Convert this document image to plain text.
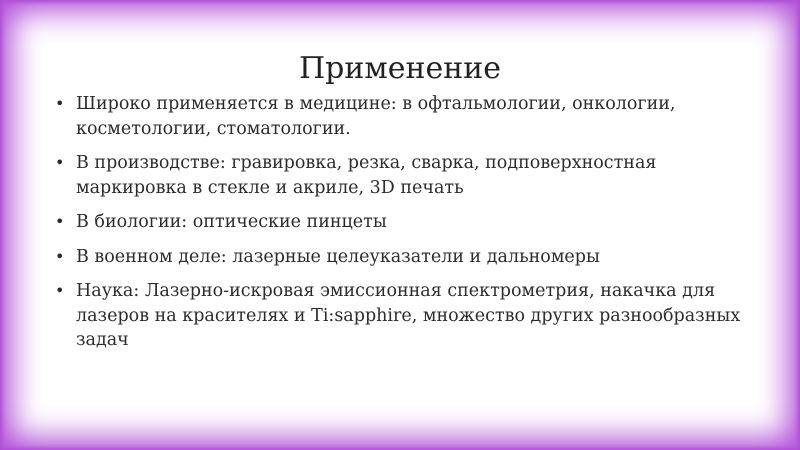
Применение
• Широко применяется в медицине: в офтальмологии, онкологии, косметологии, стоматологии.
• В производстве: гравировка, резка, сварка, подповерхностная маркировка в стекле и акриле, 3D печать
• В биологии: оптические пинцеты
• В военном деле: лазерные целеуказатели и дальномеры
• Наука: Лазерно-искровая эмиссионная спектрометрия, накачка для лазеров на красителях и Ti:sapphire, множество других разнообразных задач
